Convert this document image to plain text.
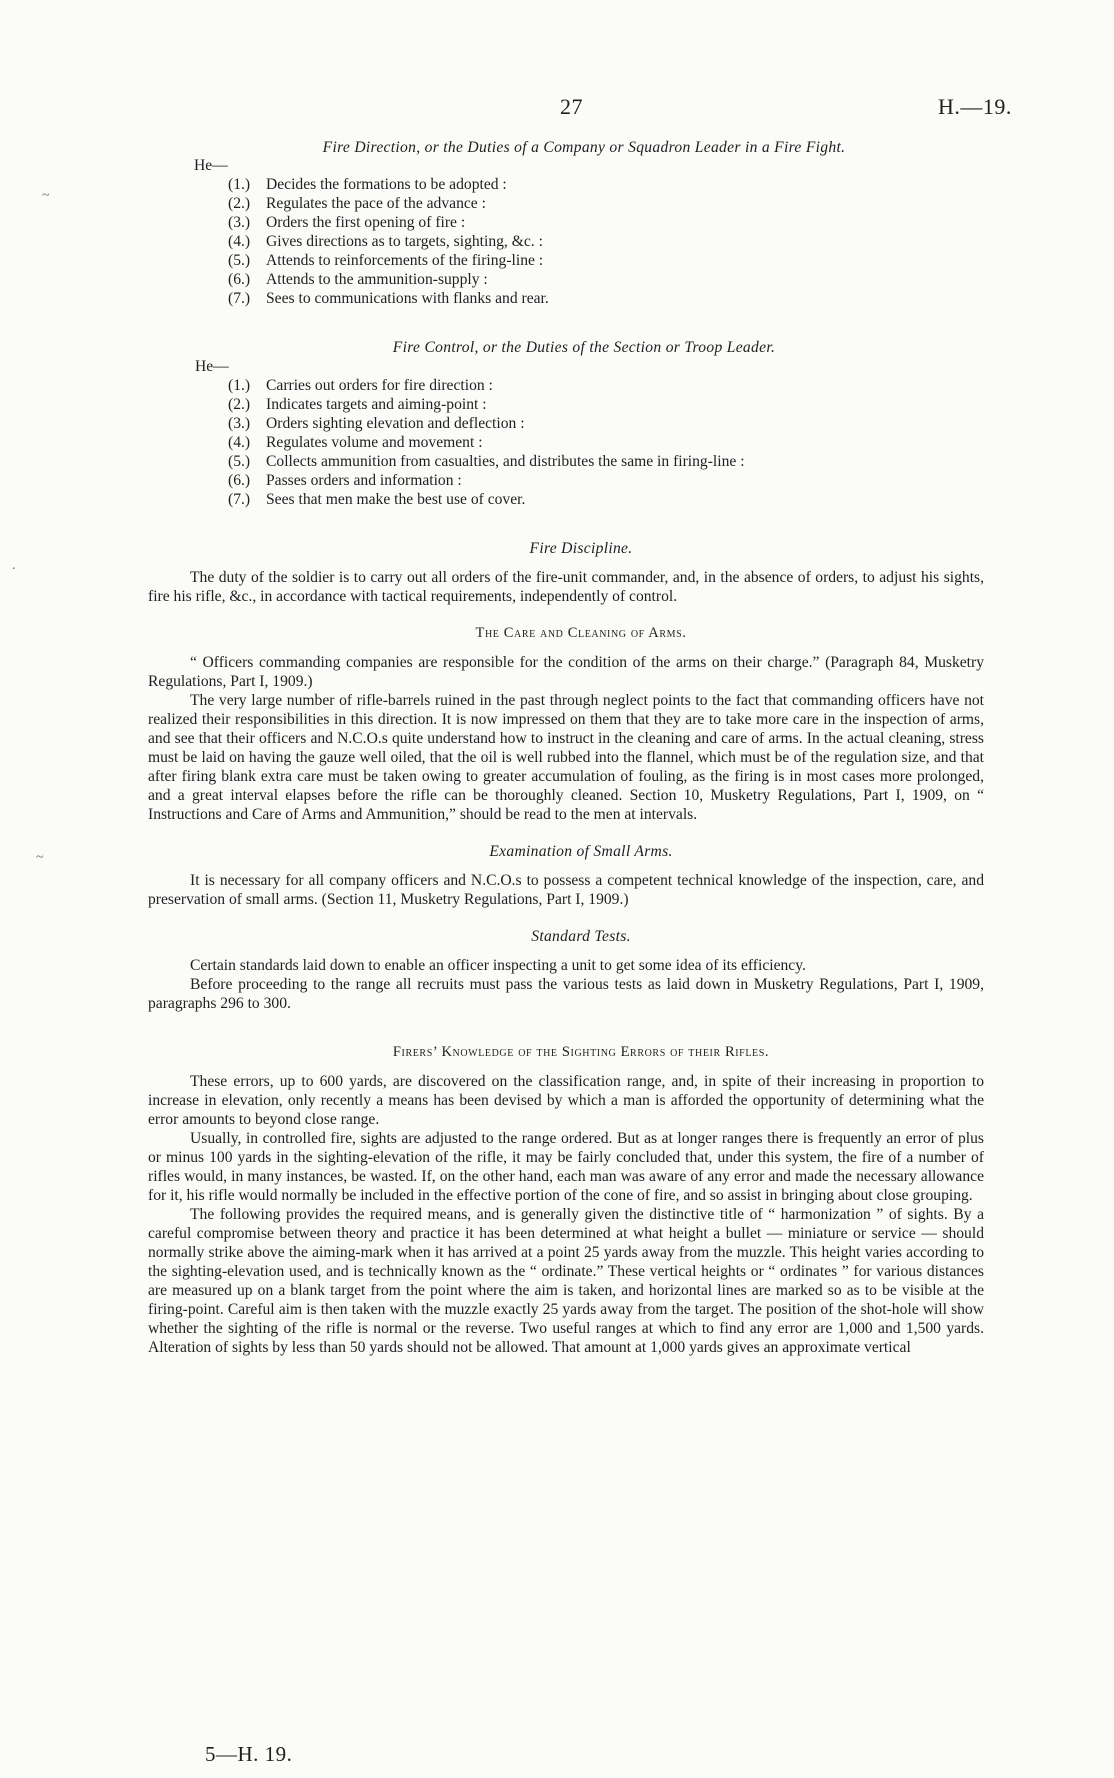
27	H.—19.
~
.
~
Fire Direction, or the Duties of a Company or Squadron Leader in a Fire Fight.
He—
(1.) Decides the formations to be adopted :
(2.) Regulates the pace of the advance :
(3.) Orders the first opening of fire :
(4.) Gives directions as to targets, sighting, &c. :
(5.) Attends to reinforcements of the firing-line :
(6.) Attends to the ammunition-supply :
(7.) Sees to communications with flanks and rear.
Fire Control, or the Duties of the Section or Troop Leader.
He—
(1.) Carries out orders for fire direction :
(2.) Indicates targets and aiming-point :
(3.) Orders sighting elevation and deflection :
(4.) Regulates volume and movement :
(5.) Collects ammunition from casualties, and distributes the same in firing-line :
(6.) Passes orders and information :
(7.) Sees that men make the best use of cover.
Fire Discipline.

The duty of the soldier is to carry out all orders of the fire-unit commander, and, in the absence of orders, to adjust his sights, fire his rifle, &c., in accordance with tactical requirements, independently of control.

The Care and Cleaning of Arms.

“ Officers commanding companies are responsible for the condition of the arms on their charge.” (Paragraph 84, Musketry Regulations, Part I, 1909.)

The very large number of rifle-barrels ruined in the past through neglect points to the fact that commanding officers have not realized their responsibilities in this direction. It is now impressed on them that they are to take more care in the inspection of arms, and see that their officers and N.C.O.s quite understand how to instruct in the cleaning and care of arms. In the actual cleaning, stress must be laid on having the gauze well oiled, that the oil is well rubbed into the flannel, which must be of the regulation size, and that after firing blank extra care must be taken owing to greater accumulation of fouling, as the firing is in most cases more prolonged, and a great interval elapses before the rifle can be thoroughly cleaned. Section 10, Musketry Regulations, Part I, 1909, on “ Instructions and Care of Arms and Ammunition,” should be read to the men at intervals.

Examination of Small Arms.

It is necessary for all company officers and N.C.O.s to possess a competent technical knowledge of the inspection, care, and preservation of small arms. (Section 11, Musketry Regulations, Part I, 1909.)

Standard Tests.

Certain standards laid down to enable an officer inspecting a unit to get some idea of its efficiency.

Before proceeding to the range all recruits must pass the various tests as laid down in Musketry Regulations, Part I, 1909, paragraphs 296 to 300.

Firers’ Knowledge of the Sighting Errors of their Rifles.

These errors, up to 600 yards, are discovered on the classification range, and, in spite of their increasing in proportion to increase in elevation, only recently a means has been devised by which a man is afforded the opportunity of determining what the error amounts to beyond close range.

Usually, in controlled fire, sights are adjusted to the range ordered. But as at longer ranges there is frequently an error of plus or minus 100 yards in the sighting-elevation of the rifle, it may be fairly concluded that, under this system, the fire of a number of rifles would, in many instances, be wasted. If, on the other hand, each man was aware of any error and made the necessary allowance for it, his rifle would normally be included in the effective portion of the cone of fire, and so assist in bringing about close grouping.

The following provides the required means, and is generally given the distinctive title of “ harmonization ” of sights. By a careful compromise between theory and practice it has been determined at what height a bullet — miniature or service — should normally strike above the aiming-mark when it has arrived at a point 25 yards away from the muzzle. This height varies according to the sighting-elevation used, and is technically known as the “ ordinate.” These vertical heights or “ ordinates ” for various distances are measured up on a blank target from the point where the aim is taken, and horizontal lines are marked so as to be visible at the firing-point. Careful aim is then taken with the muzzle exactly 25 yards away from the target. The position of the shot-hole will show whether the sighting of the rifle is normal or the reverse. Two useful ranges at which to find any error are 1,000 and 1,500 yards. Alteration of sights by less than 50 yards should not be allowed. That amount at 1,000 yards gives an approximate vertical

5—H. 19.
